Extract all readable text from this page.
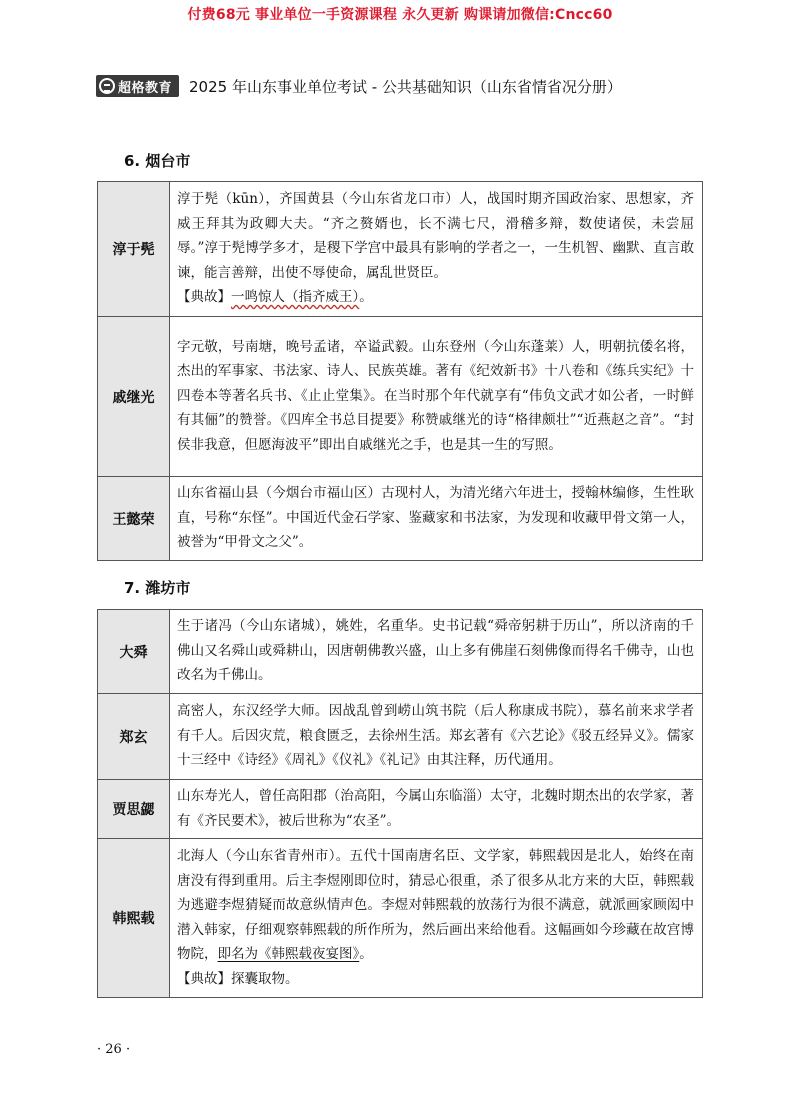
付费68元 事业单位一手资源课程 永久更新 购课请加微信:Cncc60
超格教育 2025 年山东事业单位考试 - 公共基础知识（山东省情省况分册）
6. 烟台市
淳于髡	淳于髡（kūn），齐国黄县（今山东省龙口市）人，战国时期齐国政治家、思想家，齐威王拜其为政卿大夫。“齐之赘婿也，长不满七尺，滑稽多辩，数使诸侯，未尝屈辱。”淳于髡博学多才，是稷下学宫中最具有影响的学者之一，一生机智、幽默、直言敢谏，能言善辩，出使不辱使命，属乱世贤臣。
【典故】一鸣惊人（指齐威王）。

戚继光	字元敬，号南塘，晚号孟诸，卒谥武毅。山东登州（今山东蓬莱）人，明朝抗倭名将，杰出的军事家、书法家、诗人、民族英雄。著有《纪效新书》十八卷和《练兵实纪》十四卷本等著名兵书、《止止堂集》。在当时那个年代就享有“伟负文武才如公者，一时鲜有其俪”的赞誉。《四库全书总目提要》称赞戚继光的诗“格律颇壮”“近燕赵之音”。“封侯非我意，但愿海波平”即出自戚继光之手，也是其一生的写照。
王懿荣	山东省福山县（今烟台市福山区）古现村人，为清光绪六年进士，授翰林编修，生性耿直，号称“东怪”。中国近代金石学家、鉴藏家和书法家，为发现和收藏甲骨文第一人，被誉为“甲骨文之父”。
7. 潍坊市
大舜	生于诸冯（今山东诸城），姚姓，名重华。史书记载“舜帝躬耕于历山”，所以济南的千佛山又名舜山或舜耕山，因唐朝佛教兴盛，山上多有佛崖石刻佛像而得名千佛寺，山也改名为千佛山。
郑玄	高密人，东汉经学大师。因战乱曾到崂山筑书院（后人称康成书院），慕名前来求学者有千人。后因灾荒，粮食匮乏，去徐州生活。郑玄著有《六艺论》《驳五经异义》。儒家十三经中《诗经》《周礼》《仪礼》《礼记》由其注释，历代通用。
贾思勰	山东寿光人，曾任高阳郡（治高阳，今属山东临淄）太守，北魏时期杰出的农学家，著有《齐民要术》，被后世称为“农圣”。
韩熙载	北海人（今山东省青州市）。五代十国南唐名臣、文学家，韩熙载因是北人，始终在南唐没有得到重用。后主李煜刚即位时，猜忌心很重，杀了很多从北方来的大臣，韩熙载为逃避李煜猜疑而故意纵情声色。李煜对韩熙载的放荡行为很不满意，就派画家顾闳中潜入韩家，仔细观察韩熙载的所作所为，然后画出来给他看。这幅画如今珍藏在故宫博物院，即名为《韩熙载夜宴图》。
【典故】探囊取物。
· 26 ·
